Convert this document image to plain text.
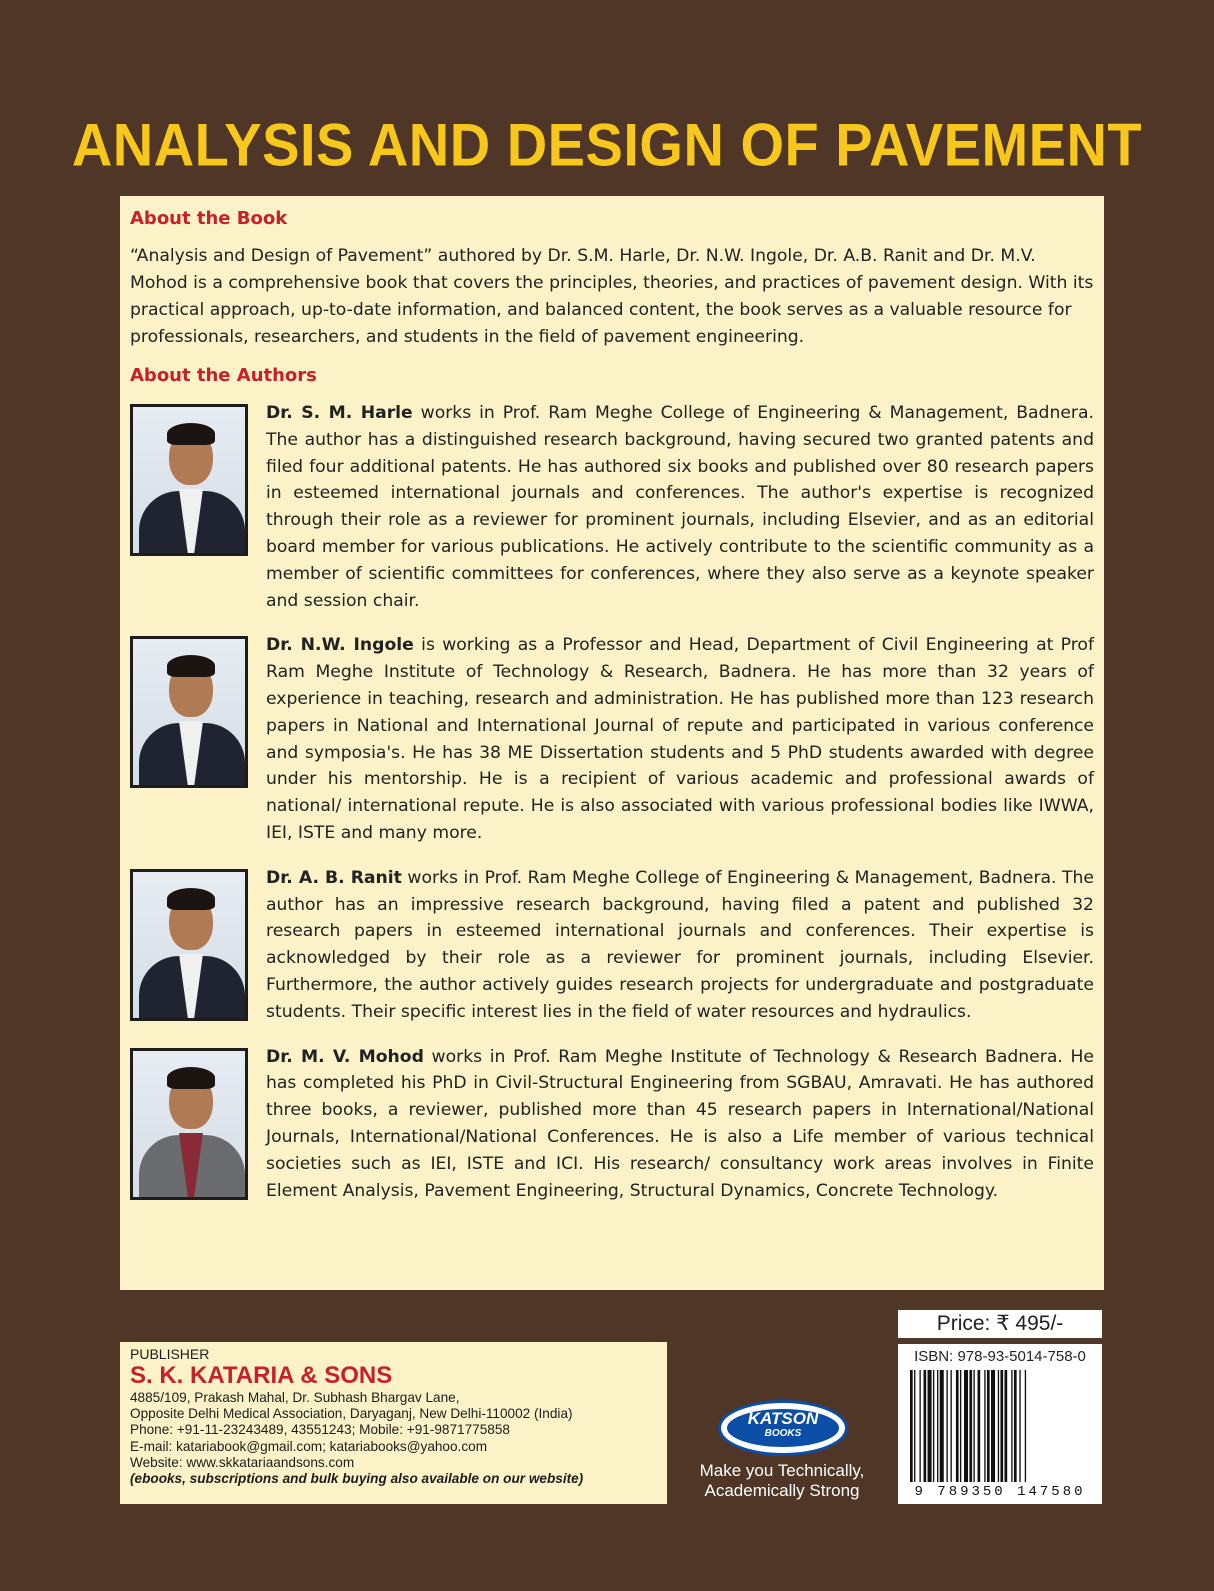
ANALYSIS AND DESIGN OF PAVEMENT
About the Book

“Analysis and Design of Pavement” authored by Dr. S.M. Harle, Dr. N.W. Ingole, Dr. A.B. Ranit and Dr. M.V. Mohod is a comprehensive book that covers the principles, theories, and practices of pavement design. With its practical approach, up-to-date information, and balanced content, the book serves as a valuable resource for professionals, researchers, and students in the field of pavement engineering.

About the Authors

Dr. S. M. Harle works in Prof. Ram Meghe College of Engineering & Management, Badnera. The author has a distinguished research background, having secured two granted patents and filed four additional patents. He has authored six books and published over 80 research papers in esteemed international journals and conferences. The author's expertise is recognized through their role as a reviewer for prominent journals, including Elsevier, and as an editorial board member for various publications. He actively contribute to the scientific community as a member of scientific committees for conferences, where they also serve as a keynote speaker and session chair.

Dr. N.W. Ingole is working as a Professor and Head, Department of Civil Engineering at Prof Ram Meghe Institute of Technology & Research, Badnera. He has more than 32 years of experience in teaching, research and administration. He has published more than 123 research papers in National and International Journal of repute and participated in various conference and symposia's. He has 38 ME Dissertation students and 5 PhD students awarded with degree under his mentorship. He is a recipient of various academic and professional awards of national/ international repute. He is also associated with various professional bodies like IWWA, IEI, ISTE and many more.

Dr. A. B. Ranit works in Prof. Ram Meghe College of Engineering & Management, Badnera. The author has an impressive research background, having filed a patent and published 32 research papers in esteemed international journals and conferences. Their expertise is acknowledged by their role as a reviewer for prominent journals, including Elsevier. Furthermore, the author actively guides research projects for undergraduate and postgraduate students. Their specific interest lies in the field of water resources and hydraulics.

Dr. M. V. Mohod works in Prof. Ram Meghe Institute of Technology & Research Badnera. He has completed his PhD in Civil-Structural Engineering from SGBAU, Amravati. He has authored three books, a reviewer, published more than 45 research papers in International/National Journals, International/National Conferences. He is also a Life member of various technical societies such as IEI, ISTE and ICI. His research/ consultancy work areas involves in Finite Element Analysis, Pavement Engineering, Structural Dynamics, Concrete Technology.

PUBLISHER
S. K. KATARIA & SONS
4885/109, Prakash Mahal, Dr. Subhash Bhargav Lane,
Opposite Delhi Medical Association, Daryaganj, New Delhi-110002 (India)
Phone: +91-11-23243489, 43551243; Mobile: +91-9871775858
E-mail: katariabook@gmail.com; katariabooks@yahoo.com
Website: www.skkatariaandsons.com
(ebooks, subscriptions and bulk buying also available on our website)
KATSON
BOOKS
Make you Technically,
Academically Strong
Price: ₹ 495/-
ISBN: 978-93-5014-758-0
9 789350 147580
